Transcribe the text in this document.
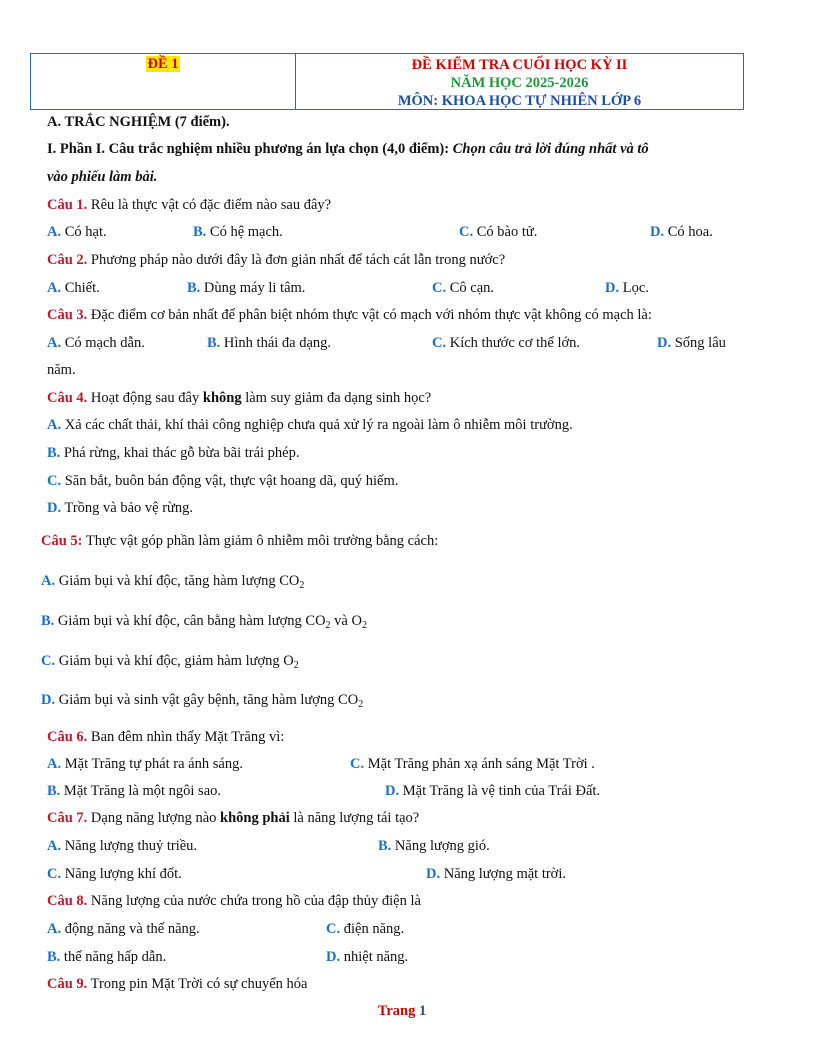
ĐỀ 1	ĐỀ KIỂM TRA CUỐI HỌC KỲ II
NĂM HỌC 2025-2026
MÔN: KHOA HỌC TỰ NHIÊN LỚP 6
A. TRẮC NGHIỆM (7 điểm).
I. Phần I. Câu trắc nghiệm nhiều phương án lựa chọn (4,0 điểm): Chọn câu trả lời đúng nhất và tô
vào phiếu làm bài.
Câu 1. Rêu là thực vật có đặc điểm nào sau đây?
A. Có hạt.	B. Có hệ mạch.	C. Có bào tử.	D. Có hoa.
Câu 2. Phương pháp nào dưới đây là đơn giản nhất để tách cát lẫn trong nước?
A. Chiết.	B. Dùng máy li tâm.	C. Cô cạn.	D. Lọc.
Câu 3. Đặc điểm cơ bản nhất để phân biệt nhóm thực vật có mạch với nhóm thực vật không có mạch là:
A. Có mạch dẫn.	B. Hình thái đa dạng.	C. Kích thước cơ thể lớn.	D. Sống lâu
năm.
Câu 4. Hoạt động sau đây không làm suy giảm đa dạng sinh học?
A. Xả các chất thải, khí thải công nghiệp chưa quả xử lý ra ngoài làm ô nhiễm môi trường.
B. Phá rừng, khai thác gỗ bừa bãi trái phép.
C. Săn bắt, buôn bán động vật, thực vật hoang dã, quý hiếm.
D. Trồng và bảo vệ rừng.
Câu 5: Thực vật góp phần làm giảm ô nhiễm môi trường bằng cách:
A. Giảm bụi và khí độc, tăng hàm lượng $CO_2$
B. Giảm bụi và khí độc, cân bằng hàm lượng $CO_2$ và $O_2$
C. Giảm bụi và khí độc, giảm hàm lượng $O_2$
D. Giảm bụi và sinh vật gây bệnh, tăng hàm lượng $CO_2$
Câu 6. Ban đêm nhìn thấy Mặt Trăng vì:
A. Mặt Trăng tự phát ra ánh sáng.	C. Mặt Trăng phản xạ ánh sáng Mặt Trời .
B. Mặt Trăng là một ngôi sao.	D. Mặt Trăng là vệ tinh của Trái Đất.
Câu 7. Dạng năng lượng nào không phải là năng lượng tái tạo?
A. Năng lượng thuỷ triều.	B. Năng lượng gió.
C. Năng lượng khí đốt.	D. Năng lượng mặt trời.
Câu 8. Năng lượng của nước chứa trong hồ của đập thủy điện là
A. động năng và thế năng.	C. điện năng.
B. thế năng hấp dẫn.	D. nhiệt năng.
Câu 9. Trong pin Mặt Trời có sự chuyển hóa
Trang 1
